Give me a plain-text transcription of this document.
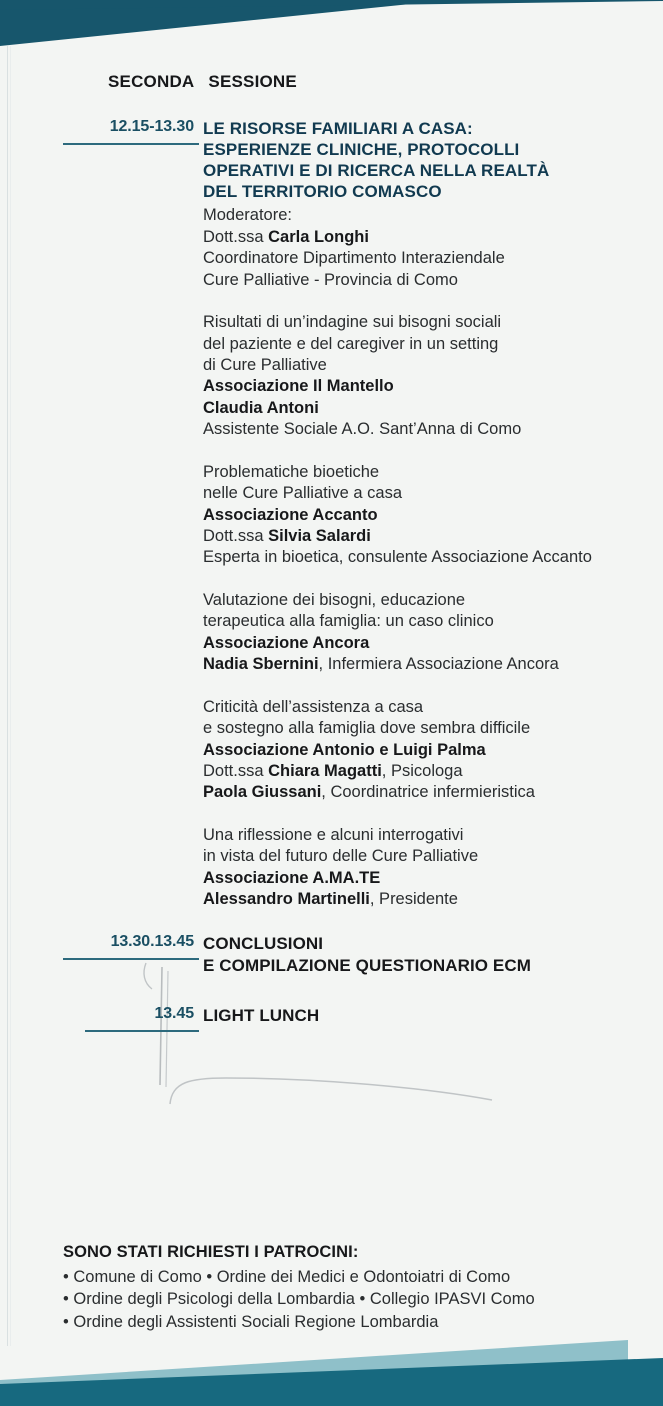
SECONDA SESSIONE
12.15-13.30 LE RISORSE FAMILIARI A CASA:
ESPERIENZE CLINICHE, PROTOCOLLI
OPERATIVI E DI RICERCA NELLA REALTÀ
DEL TERRITORIO COMASCO
Moderatore:
Dott.ssa Carla Longhi
Coordinatore Dipartimento Interaziendale
Cure Palliative - Provincia di Como
Risultati di un’indagine sui bisogni sociali
del paziente e del caregiver in un setting
di Cure Palliative
Associazione Il Mantello
Claudia Antoni
Assistente Sociale A.O. Sant’Anna di Como
Problematiche bioetiche
nelle Cure Palliative a casa
Associazione Accanto
Dott.ssa Silvia Salardi
Esperta in bioetica, consulente Associazione Accanto
Valutazione dei bisogni, educazione
terapeutica alla famiglia: un caso clinico
Associazione Ancora
Nadia Sbernini, Infermiera Associazione Ancora
Criticità dell’assistenza a casa
e sostegno alla famiglia dove sembra difficile
Associazione Antonio e Luigi Palma
Dott.ssa Chiara Magatti, Psicologa
Paola Giussani, Coordinatrice infermieristica
Una riflessione e alcuni interrogativi
in vista del futuro delle Cure Palliative
Associazione A.MA.TE
Alessandro Martinelli, Presidente
13.30.13.45 CONCLUSIONI
E COMPILAZIONE QUESTIONARIO ECM
13.45 LIGHT LUNCH
SONO STATI RICHIESTI I PATROCINI:
• Comune di Como • Ordine dei Medici e Odontoiatri di Como
• Ordine degli Psicologi della Lombardia • Collegio IPASVI Como
• Ordine degli Assistenti Sociali Regione Lombardia
